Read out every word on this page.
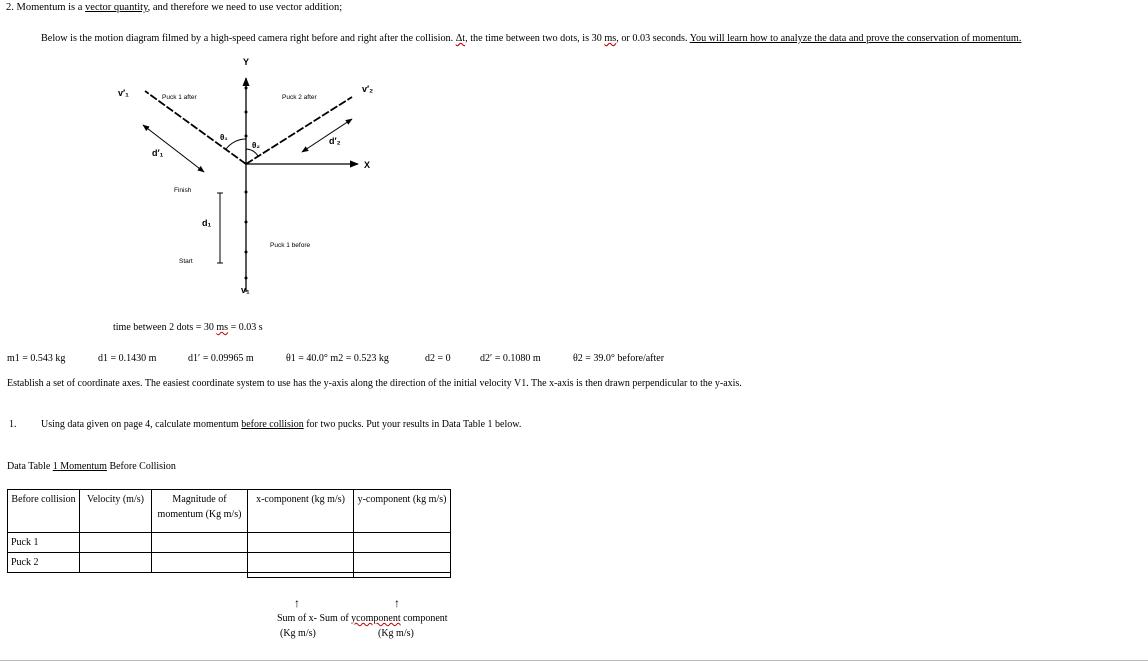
2. Momentum is a vector quantity, and therefore we need to use vector addition;
Below is the motion diagram filmed by a high-speed camera right before and right after the collision. Δt, the time between two dots, is 30 ms, or 0.03 seconds. You will learn how to analyze the data and prove the conservation of momentum.
Y
X
v′₁	v′₂
Puck 1 after	Puck 2 after
d′₁
d′₂
θ₁
θ₂
Finish
d₁
Start
Puck 1 before
v₁
time between 2 dots = 30 ms = 0.03 s
m1 = 0.543 kg	d1 = 0.1430 m	d1′ = 0.09965 m	θ1 = 40.0° m2 = 0.523 kg	d2 = 0	d2′ = 0.1080 m	θ2 = 39.0° before/after
Establish a set of coordinate axes. The easiest coordinate system to use has the y-axis along the direction of the initial velocity V1. The x-axis is then drawn perpendicular to the y-axis.
1. Using data given on page 4, calculate momentum before collision for two pucks. Put your results in Data Table 1 below.
Data Table 1 Momentum Before Collision
Before collision	Velocity (m/s)	Magnitude of momentum (Kg m/s)	x-component (kg m/s)	y-component (kg m/s)
Puck 1				
Puck 2				

↑	↑
Sum of x- Sum of ycomponent component
(Kg m/s)	(Kg m/s)
